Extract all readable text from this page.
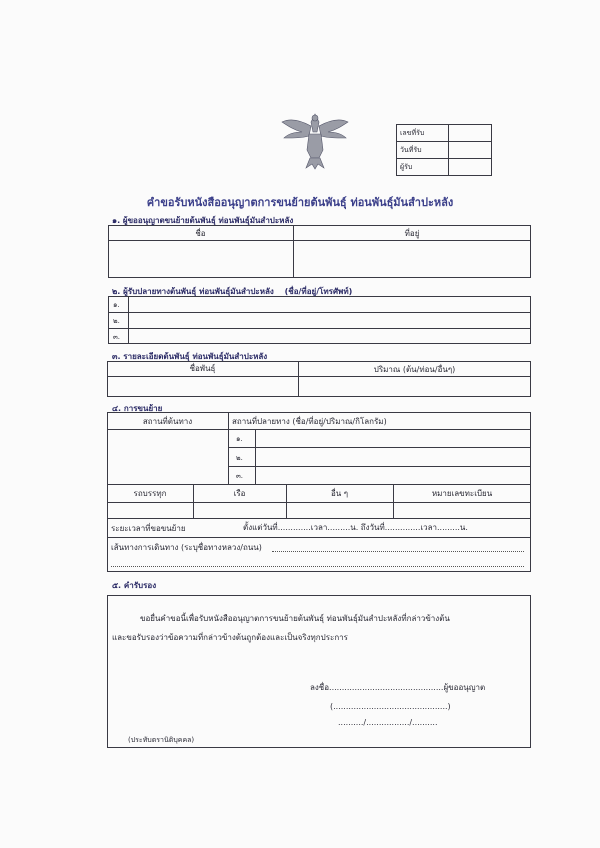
เลขที่รับ
วันที่รับ
ผู้รับ
คำขอรับหนังสืออนุญาตการขนย้ายต้นพันธุ์ ท่อนพันธุ์มันสำปะหลัง
๑. ผู้ขออนุญาตขนย้ายต้นพันธุ์ ท่อนพันธุ์มันสำปะหลัง
ชื่อ	ที่อยู่
๒. ผู้รับปลายทางต้นพันธุ์ ท่อนพันธุ์มันสำปะหลัง (ชื่อ/ที่อยู่/โทรศัพท์)
๑.
๒.
๓.
๓. รายละเอียดต้นพันธุ์ ท่อนพันธุ์มันสำปะหลัง
ชื่อพันธุ์	ปริมาณ (ต้น/ท่อน/อื่นๆ)
๔. การขนย้าย
สถานที่ต้นทาง	สถานที่ปลายทาง (ชื่อ/ที่อยู่/ปริมาณ/กิโลกรัม)
๑.
๒.
๓.
รถบรรทุก	เรือ	อื่น ๆ	หมายเลขทะเบียน
ระยะเวลาที่ขอขนย้าย	ตั้งแต่วันที่.............เวลา.........น. ถึงวันที่..............เวลา.........น.
เส้นทางการเดินทาง (ระบุชื่อทางหลวง/ถนน)
๕. คำรับรอง
ขอยื่นคำขอนี้เพื่อรับหนังสืออนุญาตการขนย้ายต้นพันธุ์ ท่อนพันธุ์มันสำปะหลังที่กล่าวข้างต้น
และขอรับรองว่าข้อความที่กล่าวข้างต้นถูกต้องและเป็นจริงทุกประการ
ลงชื่อ.............................................ผู้ขออนุญาต
(.............................................)
........../................./..........
(ประทับตรานิติบุคคล)
